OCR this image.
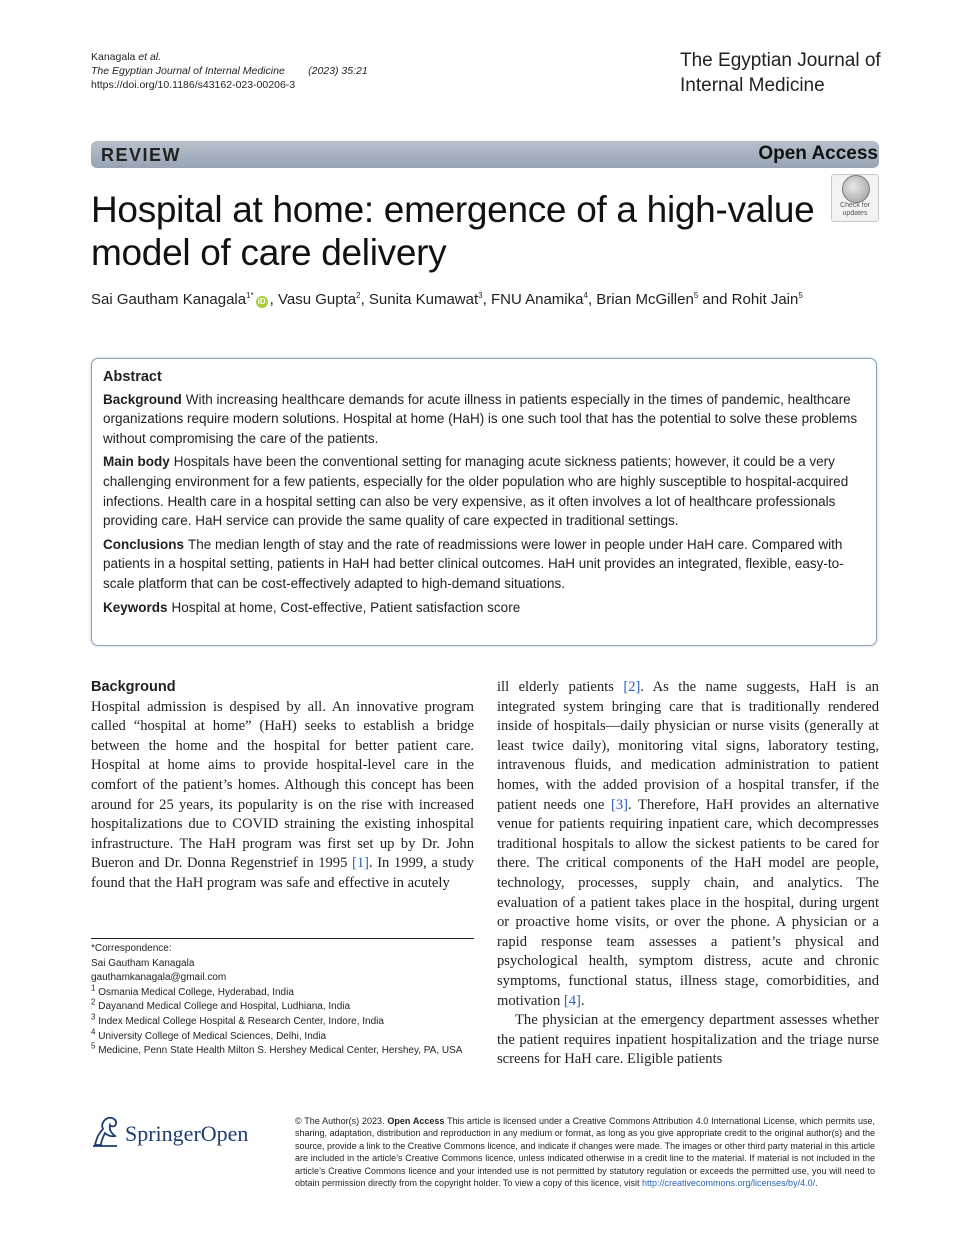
Kanagala et al.
The Egyptian Journal of Internal Medicine (2023) 35:21
https://doi.org/10.1186/s43162-023-00206-3
The Egyptian Journal of Internal Medicine
REVIEW	Open Access
Hospital at home: emergence of a high-value model of care delivery
Check for updates
Sai Gautham Kanagala$^{1*}$iD , Vasu Gupta$^2$, Sunita Kumawat$^3$, FNU Anamika$^4$, Brian McGillen$^5$ and Rohit Jain$^5$
Abstract

Background With increasing healthcare demands for acute illness in patients especially in the times of pandemic, healthcare organizations require modern solutions. Hospital at home (HaH) is one such tool that has the potential to solve these problems without compromising the care of the patients.

Main body Hospitals have been the conventional setting for managing acute sickness patients; however, it could be a very challenging environment for a few patients, especially for the older population who are highly susceptible to hospital-acquired infections. Health care in a hospital setting can also be very expensive, as it often involves a lot of healthcare professionals providing care. HaH service can provide the same quality of care expected in traditional settings.

Conclusions The median length of stay and the rate of readmissions were lower in people under HaH care. Compared with patients in a hospital setting, patients in HaH had better clinical outcomes. HaH unit provides an integrated, flexible, easy-to-scale platform that can be cost-effectively adapted to high-demand situations.

Keywords Hospital at home, Cost-effective, Patient satisfaction score

Background

Hospital admission is despised by all. An innovative program called “hospital at home” (HaH) seeks to establish a bridge between the home and the hospital for better patient care. Hospital at home aims to provide hospital-level care in the comfort of the patient’s homes. Although this concept has been around for 25 years, its popularity is on the rise with increased hospitalizations due to COVID straining the existing inhospital infrastructure. The HaH program was first set up by Dr. John Bueron and Dr. Donna Regenstrief in 1995 [1]. In 1999, a study found that the HaH program was safe and effective in acutely

*Correspondence:
Sai Gautham Kanagala
gauthamkanagala@gmail.com
$^1$ Osmania Medical College, Hyderabad, India
$^2$ Dayanand Medical College and Hospital, Ludhiana, India
$^3$ Index Medical College Hospital & Research Center, Indore, India
$^4$ University College of Medical Sciences, Delhi, India
$^5$ Medicine, Penn State Health Milton S. Hershey Medical Center, Hershey, PA, USA

ill elderly patients [2]. As the name suggests, HaH is an integrated system bringing care that is traditionally rendered inside of hospitals—daily physician or nurse visits (generally at least twice daily), monitoring vital signs, laboratory testing, intravenous fluids, and medication administration to patient homes, with the added provision of a hospital transfer, if the patient needs one [3]. Therefore, HaH provides an alternative venue for patients requiring inpatient care, which decompresses traditional hospitals to allow the sickest patients to be cared for there. The critical components of the HaH model are people, technology, processes, supply chain, and analytics. The evaluation of a patient takes place in the hospital, during urgent or proactive home visits, or over the phone. A physician or a rapid response team assesses a patient’s physical and psychological health, symptom distress, acute and chronic symptoms, functional status, illness stage, comorbidities, and motivation [4].

The physician at the emergency department assesses whether the patient requires inpatient hospitalization and the triage nurse screens for HaH care. Eligible patients

SpringerOpen	© The Author(s) 2023. Open Access This article is licensed under a Creative Commons Attribution 4.0 International License, which permits use, sharing, adaptation, distribution and reproduction in any medium or format, as long as you give appropriate credit to the original author(s) and the source, provide a link to the Creative Commons licence, and indicate if changes were made. The images or other third party material in this article are included in the article’s Creative Commons licence, unless indicated otherwise in a credit line to the material. If material is not included in the article’s Creative Commons licence and your intended use is not permitted by statutory regulation or exceeds the permitted use, you will need to obtain permission directly from the copyright holder. To view a copy of this licence, visit http://creativecommons.org/licenses/by/4.0/.
